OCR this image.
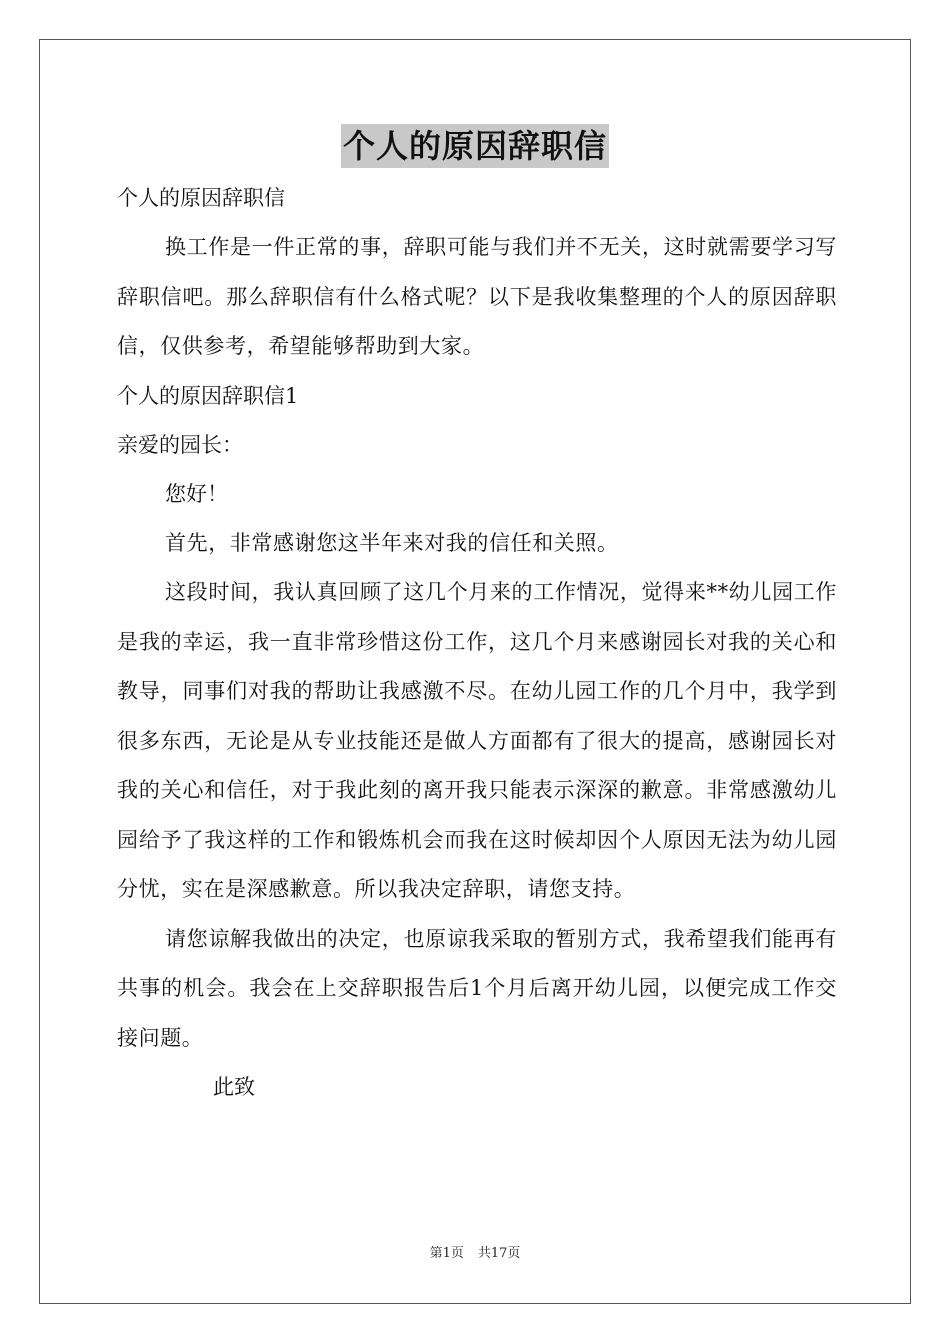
个人的原因辞职信

个人的原因辞职信

换工作是一件正常的事，辞职可能与我们并不无关，这时就需要学习写辞职信吧。那么辞职信有什么格式呢？以下是我收集整理的个人的原因辞职信，仅供参考，希望能够帮助到大家。

个人的原因辞职信1

亲爱的园长：

您好！

首先，非常感谢您这半年来对我的信任和关照。

这段时间，我认真回顾了这几个月来的工作情况，觉得来**幼儿园工作是我的幸运，我一直非常珍惜这份工作，这几个月来感谢园长对我的关心和教导，同事们对我的帮助让我感激不尽。在幼儿园工作的几个月中，我学到很多东西，无论是从专业技能还是做人方面都有了很大的提高，感谢园长对我的关心和信任，对于我此刻的离开我只能表示深深的歉意。非常感激幼儿园给予了我这样的工作和锻炼机会而我在这时候却因个人原因无法为幼儿园分忧，实在是深感歉意。所以我决定辞职，请您支持。

请您谅解我做出的决定，也原谅我采取的暂别方式，我希望我们能再有共事的机会。我会在上交辞职报告后1个月后离开幼儿园，以便完成工作交接问题。

此致

第1页 共17页
